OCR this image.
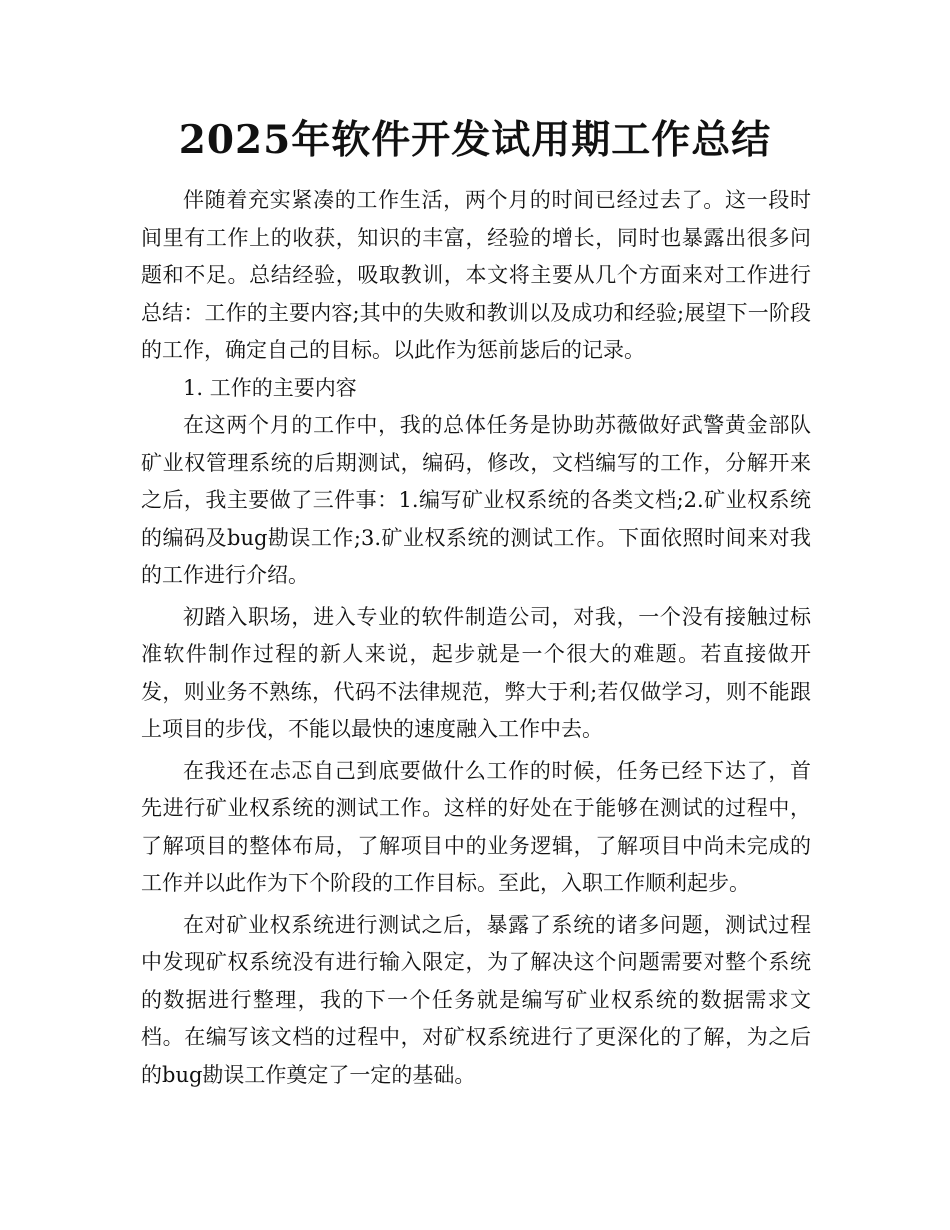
2025年软件开发试用期工作总结

伴随着充实紧凑的工作生活，两个月的时间已经过去了。这一段时间里有工作上的收获，知识的丰富，经验的增长，同时也暴露出很多问题和不足。总结经验，吸取教训，本文将主要从几个方面来对工作进行总结：工作的主要内容;其中的失败和教训以及成功和经验;展望下一阶段的工作，确定自己的目标。以此作为惩前毖后的记录。

1. 工作的主要内容

在这两个月的工作中，我的总体任务是协助苏薇做好武警黄金部队矿业权管理系统的后期测试，编码，修改，文档编写的工作，分解开来之后，我主要做了三件事：1.编写矿业权系统的各类文档;2.矿业权系统的编码及bug勘误工作;3.矿业权系统的测试工作。下面依照时间来对我的工作进行介绍。

初踏入职场，进入专业的软件制造公司，对我，一个没有接触过标准软件制作过程的新人来说，起步就是一个很大的难题。若直接做开发，则业务不熟练，代码不法律规范，弊大于利;若仅做学习，则不能跟上项目的步伐，不能以最快的速度融入工作中去。

在我还在忐忑自己到底要做什么工作的时候，任务已经下达了，首先进行矿业权系统的测试工作。这样的好处在于能够在测试的过程中，了解项目的整体布局，了解项目中的业务逻辑，了解项目中尚未完成的工作并以此作为下个阶段的工作目标。至此，入职工作顺利起步。

在对矿业权系统进行测试之后，暴露了系统的诸多问题，测试过程中发现矿权系统没有进行输入限定，为了解决这个问题需要对整个系统的数据进行整理，我的下一个任务就是编写矿业权系统的数据需求文档。在编写该文档的过程中，对矿权系统进行了更深化的了解，为之后的bug勘误工作奠定了一定的基础。
